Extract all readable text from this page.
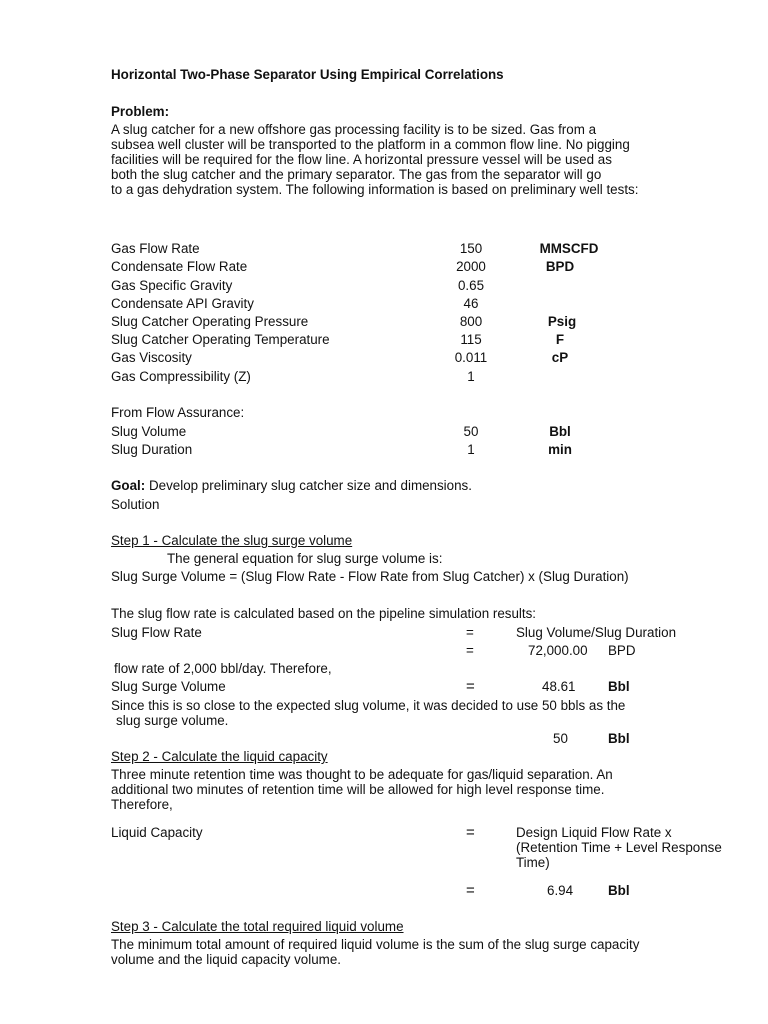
Horizontal Two-Phase Separator Using Empirical Correlations
Problem:
A slug catcher for a new offshore gas processing facility is to be sized. Gas from a
subsea well cluster will be transported to the platform in a common flow line. No pigging
facilities will be required for the flow line. A horizontal pressure vessel will be used as
both the slug catcher and the primary separator. The gas from the separator will go
to a gas dehydration system. The following information is based on preliminary well tests:
Gas Flow Rate	150	MMSCFD
Condensate Flow Rate	2000	BPD
Gas Specific Gravity	0.65
Condensate API Gravity	46
Slug Catcher Operating Pressure	800	Psig
Slug Catcher Operating Temperature	115	F
Gas Viscosity	0.011	cP
Gas Compressibility (Z)	1
From Flow Assurance:
Slug Volume	50	Bbl
Slug Duration	1	min
Goal: Develop preliminary slug catcher size and dimensions.
Solution
Step 1 - Calculate the slug surge volume
The general equation for slug surge volume is:
Slug Surge Volume = (Slug Flow Rate - Flow Rate from Slug Catcher) x (Slug Duration)
The slug flow rate is calculated based on the pipeline simulation results:
Slug Flow Rate	=	Slug Volume/Slug Duration
=	72,000.00 BPD
flow rate of 2,000 bbl/day. Therefore,
Slug Surge Volume	=	48.61 Bbl
Since this is so close to the expected slug volume, it was decided to use 50 bbls as the
slug surge volume.
50	Bbl
Step 2 - Calculate the liquid capacity
Three minute retention time was thought to be adequate for gas/liquid separation. An
additional two minutes of retention time will be allowed for high level response time.
Therefore,
Liquid Capacity	=	Design Liquid Flow Rate x
(Retention Time + Level Response
Time)
=	6.94	Bbl
Step 3 - Calculate the total required liquid volume
The minimum total amount of required liquid volume is the sum of the slug surge capacity
volume and the liquid capacity volume.
